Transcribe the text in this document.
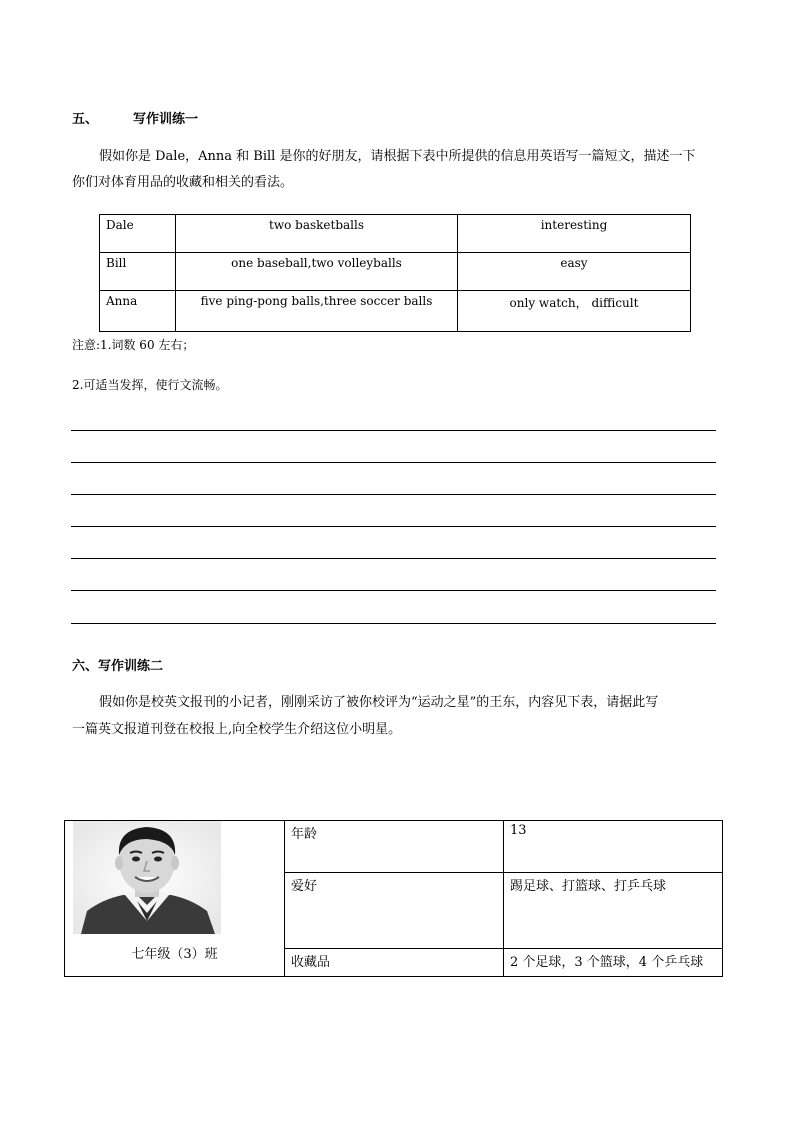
五、	写作训练一
假如你是 Dale，Anna 和 Bill 是你的好朋友，请根据下表中所提供的信息用英语写一篇短文，描述一下
你们对体育用品的收藏和相关的看法。
Dale	two basketballs	interesting
Bill	one baseball,two volleyballs	easy
Anna	five ping-pong balls,three soccer balls	only watch， difficult
注意:1.词数 60 左右；
2.可适当发挥，使行文流畅。
六、写作训练二
假如你是校英文报刊的小记者，刚刚采访了被你校评为“运动之星”的王东，内容见下表，请据此写
一篇英文报道刊登在校报上,向全校学生介绍这位小明星。
七年级（3）班	年龄	13
	爱好	踢足球、打篮球、打乒乓球
	收藏品	2 个足球，3 个篮球，4 个乒乓球
